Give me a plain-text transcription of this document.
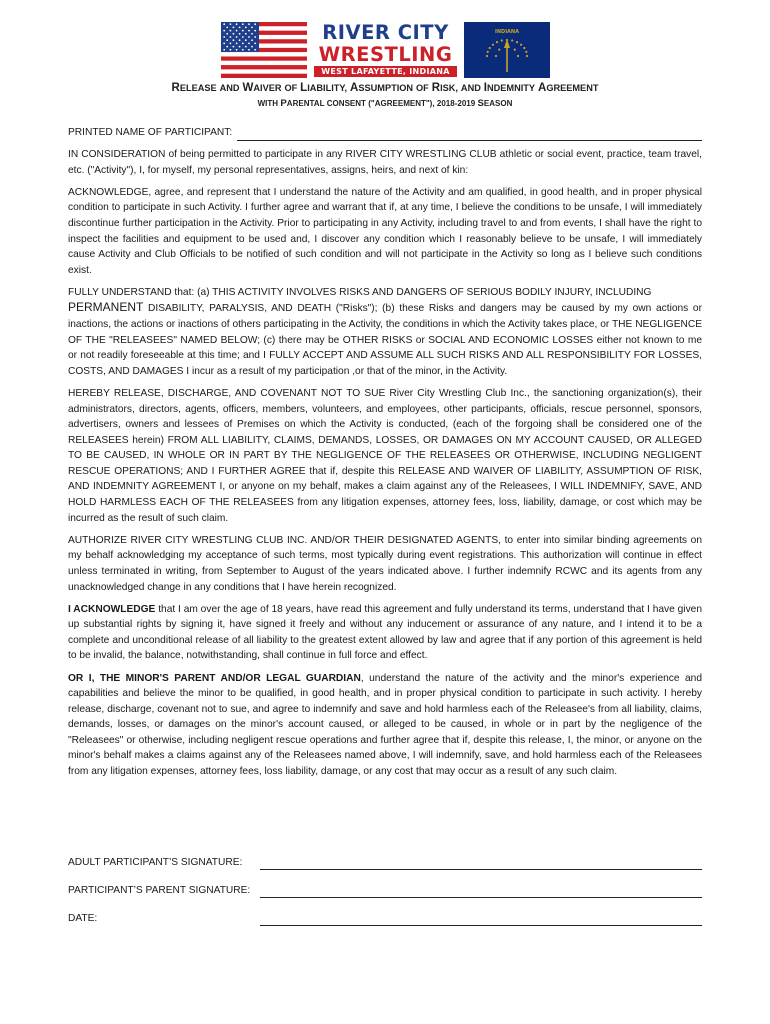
RIVER CITY
WRESTLING
WEST LAFAYETTE, INDIANA
INDIANA
RELEASE AND WAIVER OF LIABILITY, ASSUMPTION OF RISK, AND INDEMNITY AGREEMENT
WITH PARENTAL CONSENT ("AGREEMENT"), 2018-2019 SEASON

PRINTED NAME OF PARTICIPANT:

IN CONSIDERATION of being permitted to participate in any RIVER CITY WRESTLING CLUB athletic or social event, practice, team travel, etc. ("Activity"), I, for myself, my personal representatives, assigns, heirs, and next of kin:

ACKNOWLEDGE, agree, and represent that I understand the nature of the Activity and am qualified, in good health, and in proper physical condition to participate in such Activity. I further agree and warrant that if, at any time, I believe the conditions to be unsafe, I will immediately discontinue further participation in the Activity. Prior to participating in any Activity, including travel to and from events, I shall have the right to inspect the facilities and equipment to be used and, I discover any condition which I reasonably believe to be unsafe, I will immediately cause Activity and Club Officials to be notified of such condition and will not participate in the Activity so long as I believe such conditions exist.

FULLY UNDERSTAND that: (a) THIS ACTIVITY INVOLVES RISKS AND DANGERS OF SERIOUS BODILY INJURY, INCLUDING
PERMANENT DISABILITY, PARALYSIS, AND DEATH ("Risks"); (b) these Risks and dangers may be caused by my own actions or inactions, the actions or inactions of others participating in the Activity, the conditions in which the Activity takes place, or THE NEGLIGENCE OF THE "RELEASEES" NAMED BELOW; (c) there may be OTHER RISKS or SOCIAL AND ECONOMIC LOSSES either not known to me or not readily foreseeable at this time; and I FULLY ACCEPT AND ASSUME ALL SUCH RISKS AND ALL RESPONSIBILITY FOR LOSSES, COSTS, AND DAMAGES I incur as a result of my participation ,or that of the minor, in the Activity.

HEREBY RELEASE, DISCHARGE, AND COVENANT NOT TO SUE River City Wrestling Club Inc., the sanctioning organization(s), their administrators, directors, agents, officers, members, volunteers, and employees, other participants, officials, rescue personnel, sponsors, advertisers, owners and lessees of Premises on which the Activity is conducted, (each of the forgoing shall be considered one of the RELEASEES herein) FROM ALL LIABILITY, CLAIMS, DEMANDS, LOSSES, OR DAMAGES ON MY ACCOUNT CAUSED, OR ALLEGED TO BE CAUSED, IN WHOLE OR IN PART BY THE NEGLIGENCE OF THE RELEASEES OR OTHERWISE, INCLUDING NEGLIGENT RESCUE OPERATIONS; AND I FURTHER AGREE that if, despite this RELEASE AND WAIVER OF LIABILITY, ASSUMPTION OF RISK, AND INDEMNITY AGREEMENT I, or anyone on my behalf, makes a claim against any of the Releasees, I WILL INDEMNIFY, SAVE, AND HOLD HARMLESS EACH OF THE RELEASEES from any litigation expenses, attorney fees, loss, liability, damage, or cost which may be incurred as the result of such claim.

AUTHORIZE RIVER CITY WRESTLING CLUB INC. AND/OR THEIR DESIGNATED AGENTS, to enter into similar binding agreements on my behalf acknowledging my acceptance of such terms, most typically during event registrations. This authorization will continue in effect unless terminated in writing, from September to August of the years indicated above. I further indemnify RCWC and its agents from any unacknowledged change in any conditions that I have herein recognized.

I ACKNOWLEDGE that I am over the age of 18 years, have read this agreement and fully understand its terms, understand that I have given up substantial rights by signing it, have signed it freely and without any inducement or assurance of any nature, and I intend it to be a complete and unconditional release of all liability to the greatest extent allowed by law and agree that if any portion of this agreement is held to be invalid, the balance, notwithstanding, shall continue in full force and effect.

OR I, THE MINOR'S PARENT AND/OR LEGAL GUARDIAN, understand the nature of the activity and the minor's experience and capabilities and believe the minor to be qualified, in good health, and in proper physical condition to participate in such activity. I hereby release, discharge, covenant not to sue, and agree to indemnify and save and hold harmless each of the Releasee's from all liability, claims, demands, losses, or damages on the minor's account caused, or alleged to be caused, in whole or in part by the negligence of the "Releasees" or otherwise, including negligent rescue operations and further agree that if, despite this release, I, the minor, or anyone on the minor's behalf makes a claims against any of the Releasees named above, I will indemnify, save, and hold harmless each of the Releasees from any litigation expenses, attorney fees, loss liability, damage, or any cost that may occur as a result of any such claim.

ADULT PARTICIPANT’S SIGNATURE:
PARTICIPANT’S PARENT SIGNATURE:
DATE:
